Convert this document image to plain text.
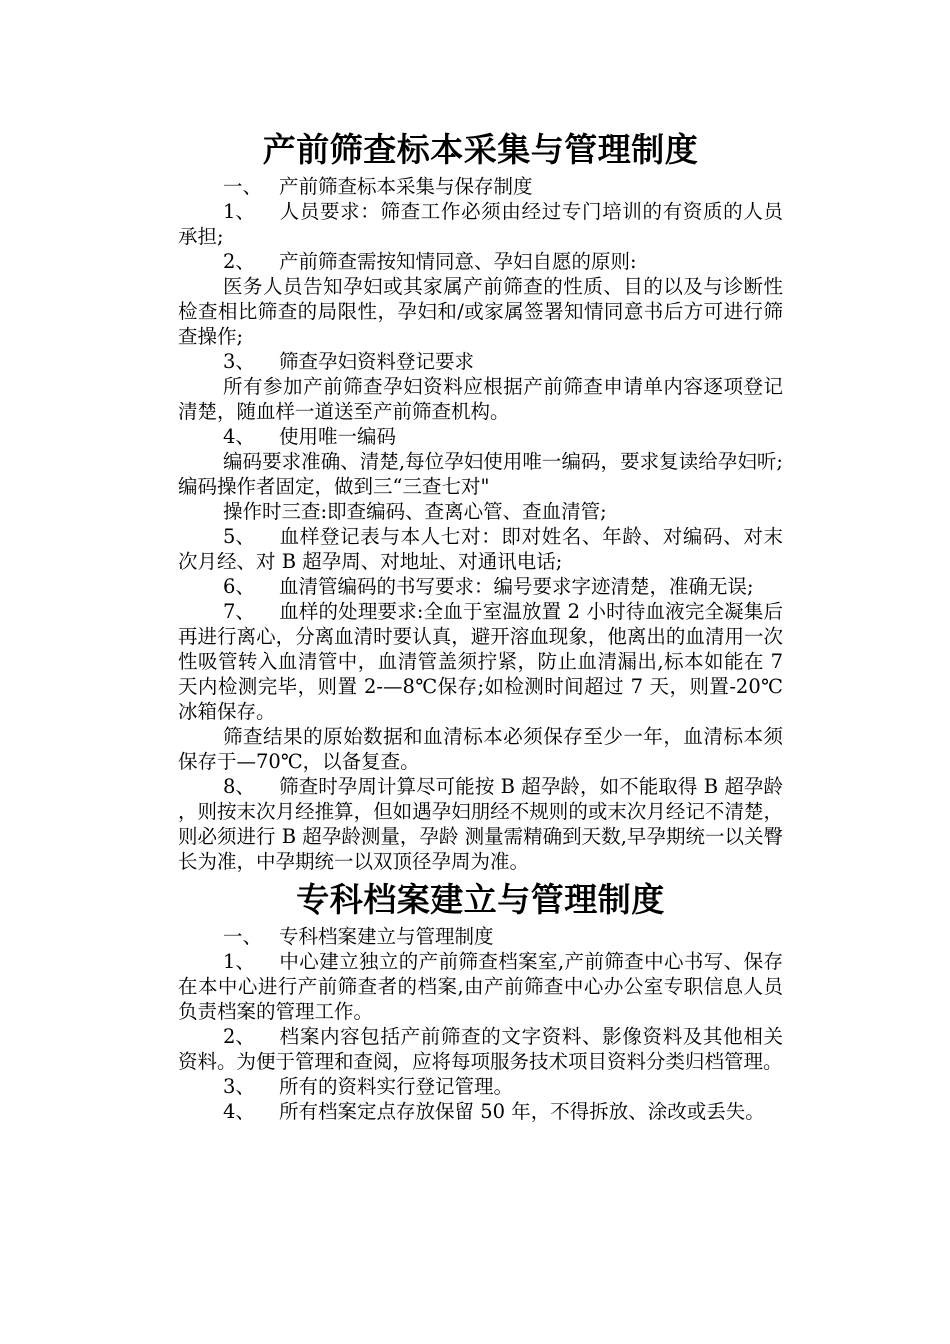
产前筛查标本采集与管理制度

一、 产前筛查标本采集与保存制度

1、 人员要求：筛查工作必须由经过专门培训的有资质的人员承担;

2、 产前筛查需按知情同意、孕妇自愿的原则:

医务人员告知孕妇或其家属产前筛查的性质、目的以及与诊断性检查相比筛查的局限性，孕妇和/或家属签署知情同意书后方可进行筛查操作;

3、 筛查孕妇资料登记要求

所有参加产前筛查孕妇资料应根据产前筛查申请单内容逐项登记清楚，随血样一道送至产前筛查机构。

4、 使用唯一编码

编码要求准确、清楚,每位孕妇使用唯一编码，要求复读给孕妇听;编码操作者固定，做到三“三查七对"

操作时三查:即查编码、查离心管、查血清管;

5、 血样登记表与本人七对：即对姓名、年龄、对编码、对末次月经、对 B 超孕周、对地址、对通讯电话;

6、 血清管编码的书写要求：编号要求字迹清楚，准确无误;

7、 血样的处理要求:全血于室温放置 2 小时待血液完全凝集后再进行离心，分离血清时要认真，避开溶血现象，他离出的血清用一次性吸管转入血清管中，血清管盖须拧紧，防止血清漏出,标本如能在 7 天内检测完毕，则置 2-—8℃保存;如检测时间超过 7 天，则置-20℃冰箱保存。

筛查结果的原始数据和血清标本必须保存至少一年，血清标本须保存于—70℃，以备复查。

8、 筛查时孕周计算尽可能按 B 超孕龄，如不能取得 B 超孕龄 ，则按末次月经推算，但如遇孕妇朋经不规则的或末次月经记不清楚，则必须进行 B 超孕龄测量，孕龄 测量需精确到天数,早孕期统一以关臀长为准，中孕期统一以双顶径孕周为准。

专科档案建立与管理制度

一、 专科档案建立与管理制度

1、 中心建立独立的产前筛查档案室,产前筛查中心书写、保存在本中心进行产前筛查者的档案,由产前筛查中心办公室专职信息人员负责档案的管理工作。

2、 档案内容包括产前筛查的文字资料、影像资料及其他相关资料。为便于管理和查阅，应将每项服务技术项目资料分类归档管理。

3、 所有的资料实行登记管理。

4、 所有档案定点存放保留 50 年，不得拆放、涂改或丢失。
